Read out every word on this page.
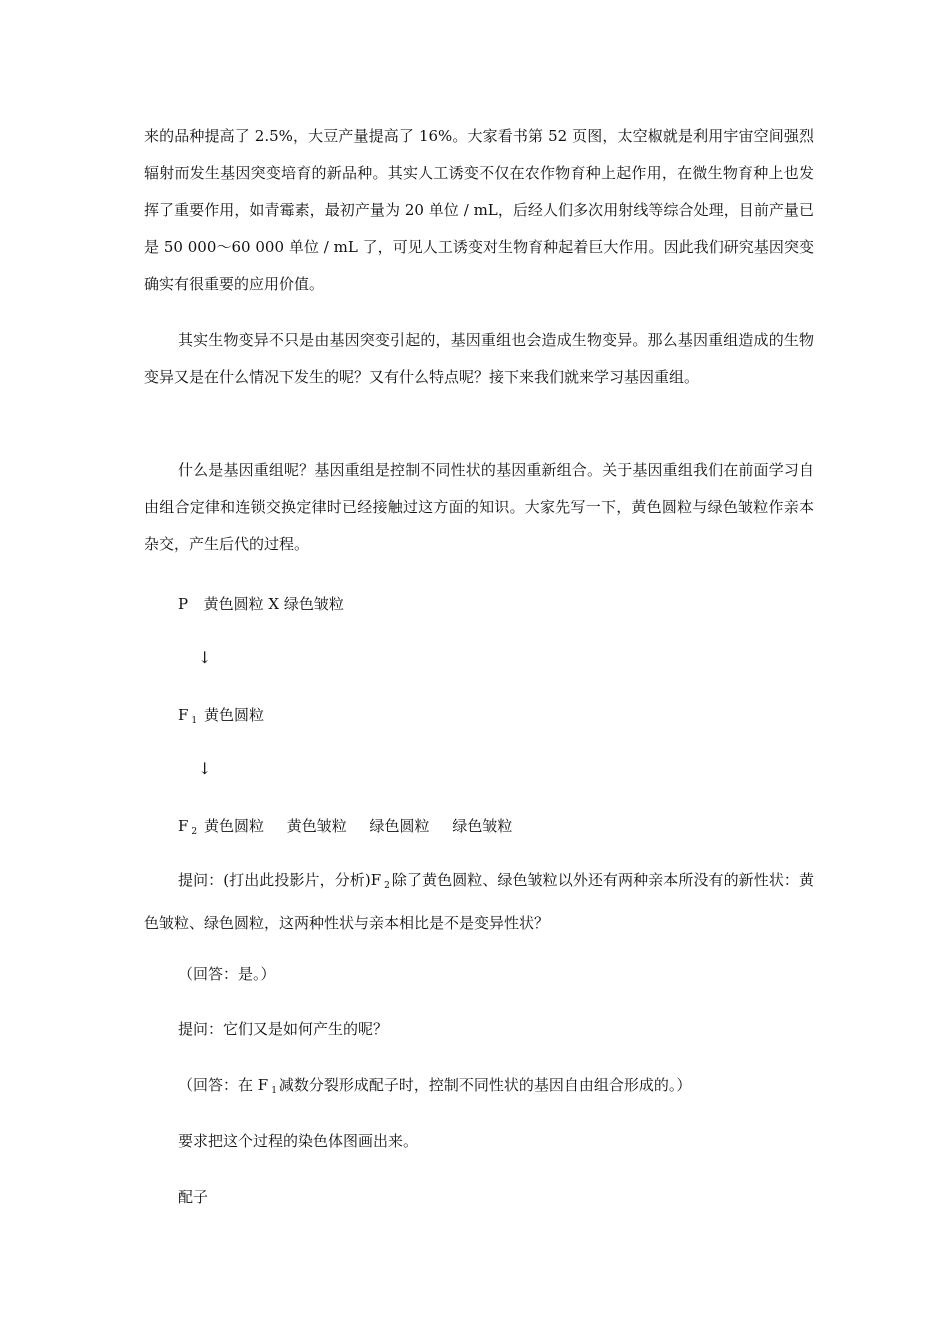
来的品种提高了 2.5%，大豆产量提高了 16%。大家看书第 52 页图，太空椒就是利用宇宙空间强烈辐射而发生基因突变培育的新品种。其实人工诱变不仅在农作物育种上起作用，在微生物育种上也发挥了重要作用，如青霉素，最初产量为 20 单位 / mL，后经人们多次用射线等综合处理，目前产量已是 50 000～60 000 单位 / mL 了，可见人工诱变对生物育种起着巨大作用。因此我们研究基因突变确实有很重要的应用价值。

其实生物变异不只是由基因突变引起的，基因重组也会造成生物变异。那么基因重组造成的生物变异又是在什么情况下发生的呢？又有什么特点呢？接下来我们就来学习基因重组。

什么是基因重组呢？基因重组是控制不同性状的基因重新组合。关于基因重组我们在前面学习自由组合定律和连锁交换定律时已经接触过这方面的知识。大家先写一下，黄色圆粒与绿色皱粒作亲本杂交，产生后代的过程。

P 黄色圆粒 X 绿色皱粒
↓
F $_1$ 黄色圆粒
↓
F $_2$ 黄色圆粒 黄色皱粒 绿色圆粒 绿色皱粒

提问：(打出此投影片，分析)F $_2$ 除了黄色圆粒、绿色皱粒以外还有两种亲本所没有的新性状：黄色皱粒、绿色圆粒，这两种性状与亲本相比是不是变异性状？

（回答：是。）
提问：它们又是如何产生的呢？
（回答：在 F $_1$ 减数分裂形成配子时，控制不同性状的基因自由组合形成的。）
要求把这个过程的染色体图画出来。
配子
